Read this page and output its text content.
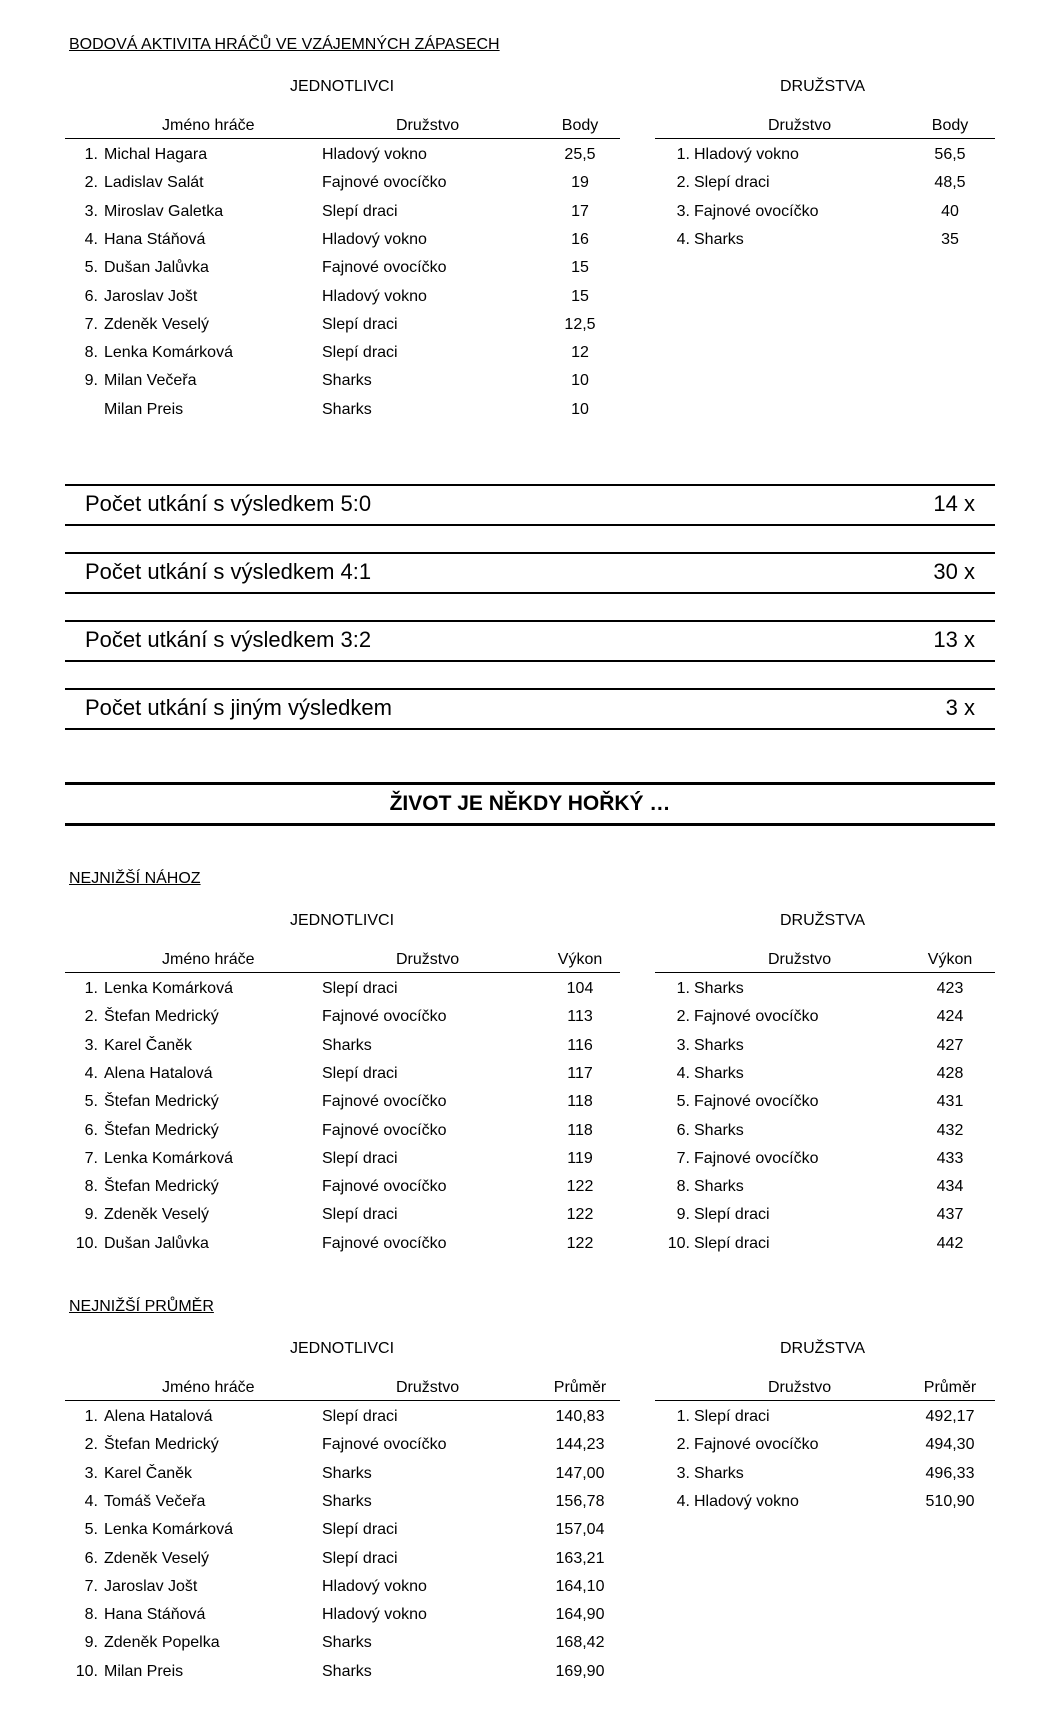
BODOVÁ AKTIVITA HRÁČŮ VE VZÁJEMNÝCH ZÁPASECH
JEDNOTLIVCI	DRUŽSTVA
Jméno hráče	Družstvo	Body	Družstvo	Body
1. Michal Hagara	Hladový vokno	25,5
2. Ladislav Salát	Fajnové ovocíčko	19
3. Miroslav Galetka	Slepí draci	17
4. Hana Stáňová	Hladový vokno	16
5. Dušan Jalůvka	Fajnové ovocíčko	15
6. Jaroslav Jošt	Hladový vokno	15
7. Zdeněk Veselý	Slepí draci	12,5
8. Lenka Komárková	Slepí draci	12
9. Milan Večeřa	Sharks	10
Milan Preis	Sharks	10
1. Hladový vokno	56,5
2. Slepí draci	48,5
3. Fajnové ovocíčko	40
4. Sharks	35
Počet utkání s výsledkem 5:0	14 x
Počet utkání s výsledkem 4:1	30 x
Počet utkání s výsledkem 3:2	13 x
Počet utkání s jiným výsledkem	3 x
ŽIVOT JE NĚKDY HOŘKÝ …
NEJNIŽŠÍ NÁHOZ
JEDNOTLIVCI	DRUŽSTVA
Jméno hráče	Družstvo	Výkon	Družstvo	Výkon
1. Lenka Komárková	Slepí draci	104
2. Štefan Medrický	Fajnové ovocíčko	113
3. Karel Čaněk	Sharks	116
4. Alena Hatalová	Slepí draci	117
5. Štefan Medrický	Fajnové ovocíčko	118
6. Štefan Medrický	Fajnové ovocíčko	118
7. Lenka Komárková	Slepí draci	119
8. Štefan Medrický	Fajnové ovocíčko	122
9. Zdeněk Veselý	Slepí draci	122
10. Dušan Jalůvka	Fajnové ovocíčko	122
1. Sharks	423
2. Fajnové ovocíčko	424
3. Sharks	427
4. Sharks	428
5. Fajnové ovocíčko	431
6. Sharks	432
7. Fajnové ovocíčko	433
8. Sharks	434
9. Slepí draci	437
10. Slepí draci	442
NEJNIŽŠÍ PRŮMĚR
JEDNOTLIVCI	DRUŽSTVA
Jméno hráče	Družstvo	Průměr	Družstvo	Průměr
1. Alena Hatalová	Slepí draci	140,83
2. Štefan Medrický	Fajnové ovocíčko	144,23
3. Karel Čaněk	Sharks	147,00
4. Tomáš Večeřa	Sharks	156,78
5. Lenka Komárková	Slepí draci	157,04
6. Zdeněk Veselý	Slepí draci	163,21
7. Jaroslav Jošt	Hladový vokno	164,10
8. Hana Stáňová	Hladový vokno	164,90
9. Zdeněk Popelka	Sharks	168,42
10. Milan Preis	Sharks	169,90
1. Slepí draci	492,17
2. Fajnové ovocíčko	494,30
3. Sharks	496,33
4. Hladový vokno	510,90
